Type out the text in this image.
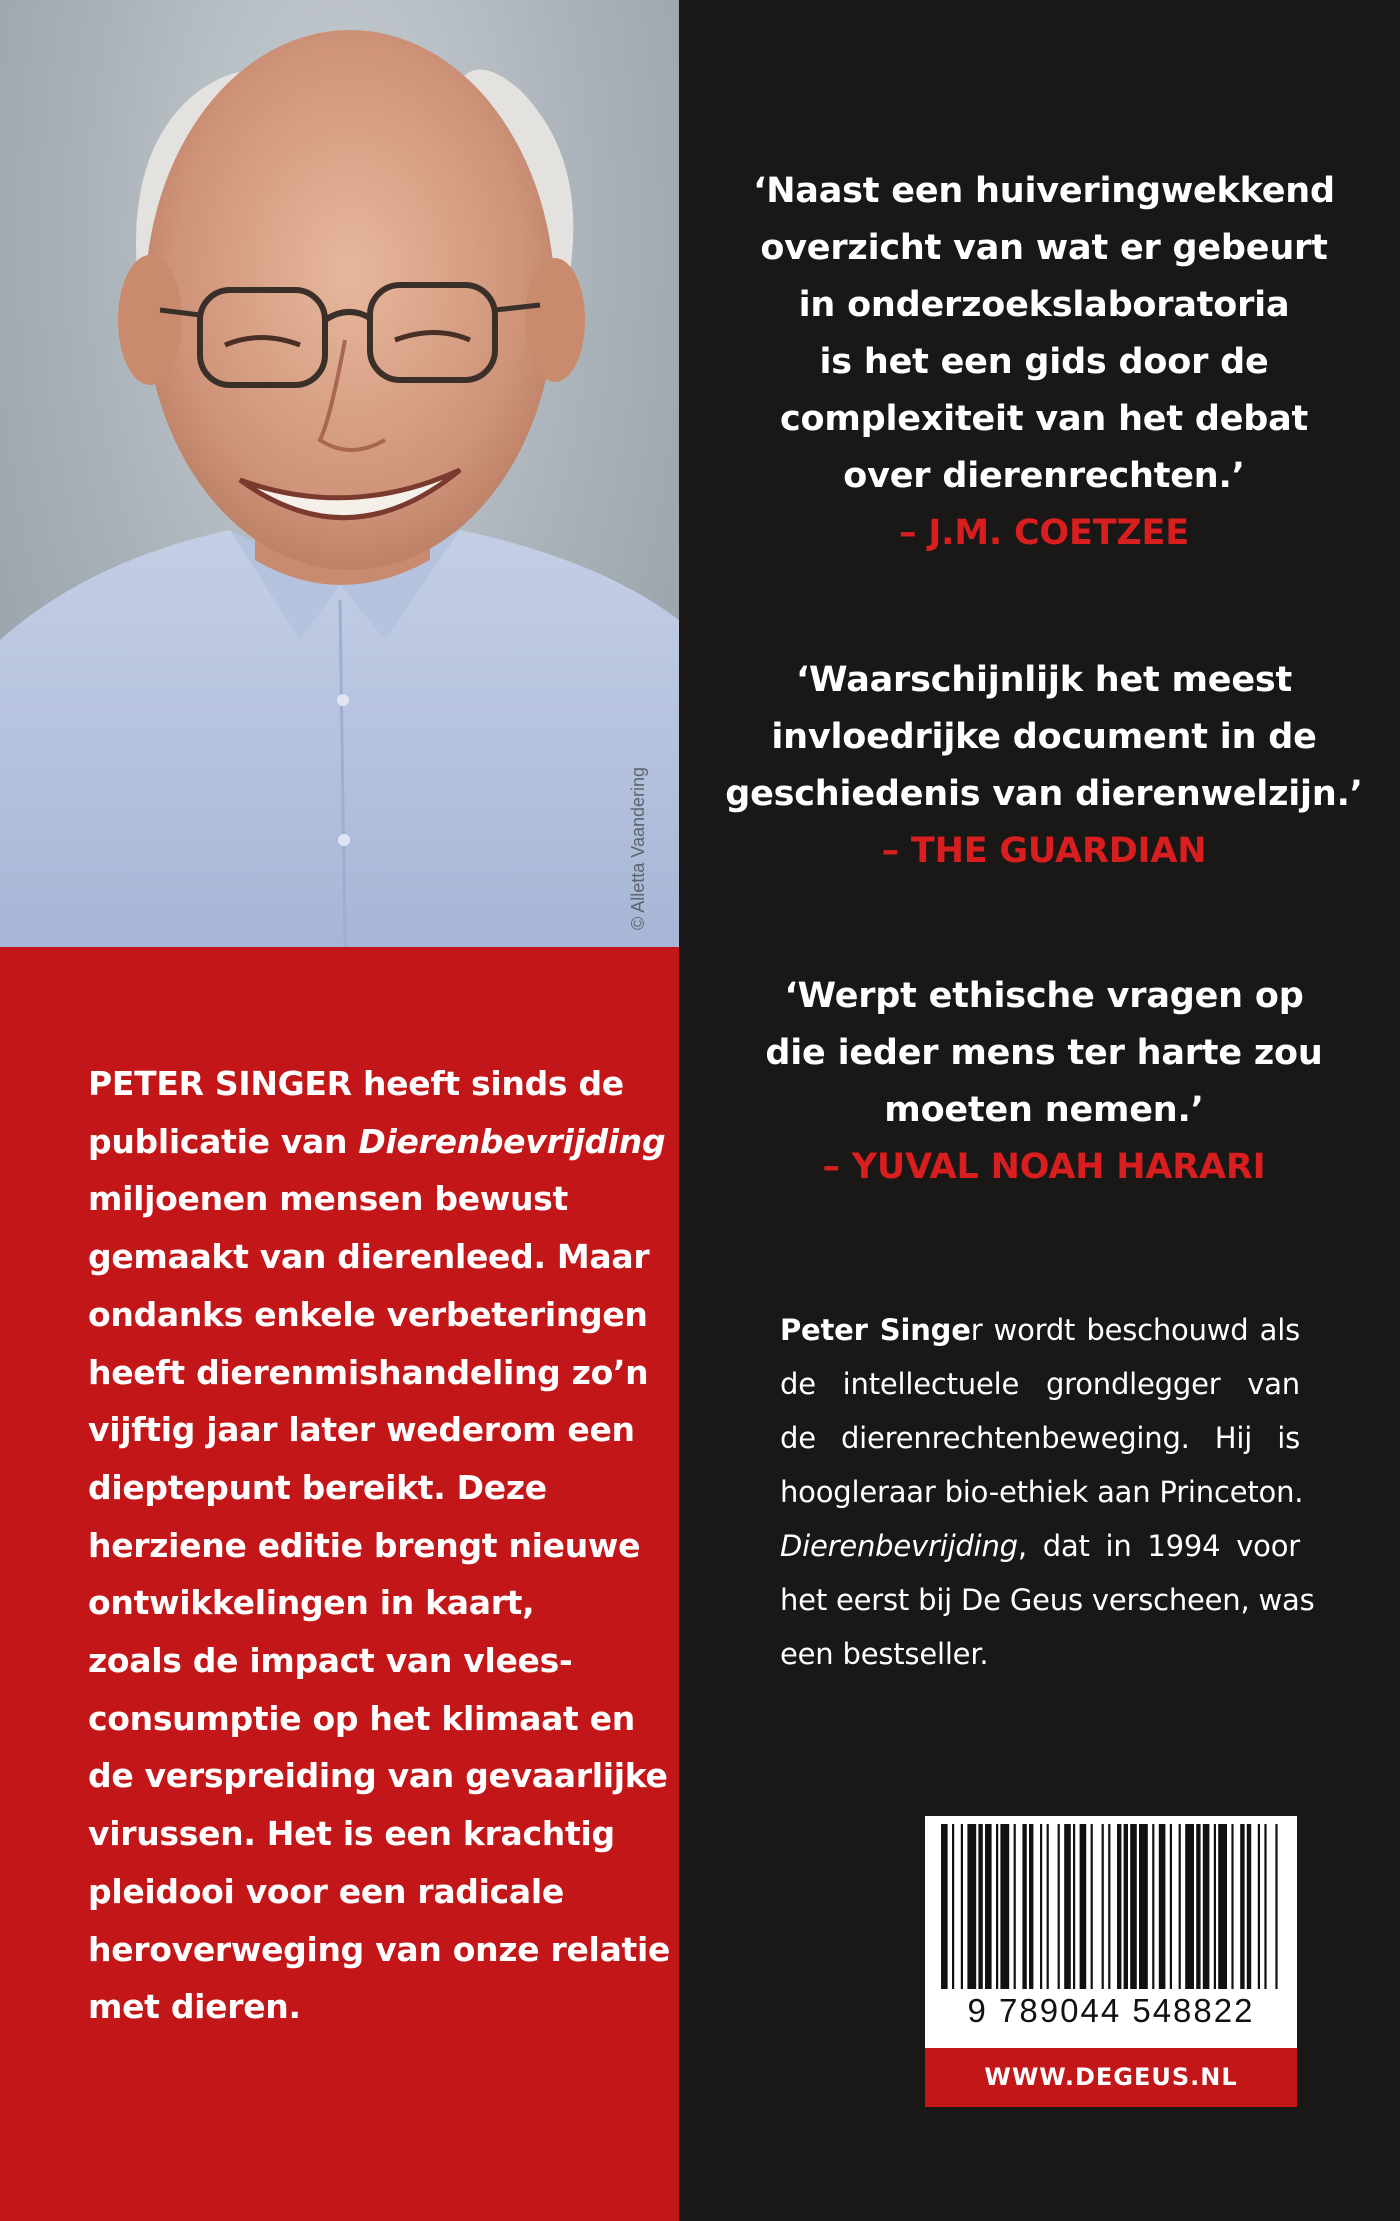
© Alletta Vaandering

PETER SINGER heeft sinds de
publicatie van Dierenbevrijding
miljoenen mensen bewust
gemaakt van dierenleed. Maar
ondanks enkele verbeteringen
heeft dierenmishandeling zo’n
vijftig jaar later wederom een
dieptepunt bereikt. Deze
herziene editie brengt nieuwe
ontwikkelingen in kaart,
zoals de impact van vlees-
consumptie op het klimaat en
de verspreiding van gevaarlijke
virussen. Het is een krachtig
pleidooi voor een radicale
heroverweging van onze relatie
met dieren.

‘Naast een huiveringwekkend
overzicht van wat er gebeurt
in onderzoekslaboratoria
is het een gids door de
complexiteit van het debat
over dierenrechten.’
– J.M. COETZEE
‘Waarschijnlijk het meest
invloedrijke document in de
geschiedenis van dierenwelzijn.’
– THE GUARDIAN
‘Werpt ethische vragen op
die ieder mens ter harte zou
moeten nemen.’
– YUVAL NOAH HARARI
Peter Singer wordt beschouwd als
de intellectuele grondlegger van
de dierenrechtenbeweging. Hij is
hoogleraar bio-ethiek aan Princeton.
Dierenbevrijding, dat in 1994 voor
het eerst bij De Geus verscheen, was
een bestseller.
9 789044 548822
WWW.DEGEUS.NL
